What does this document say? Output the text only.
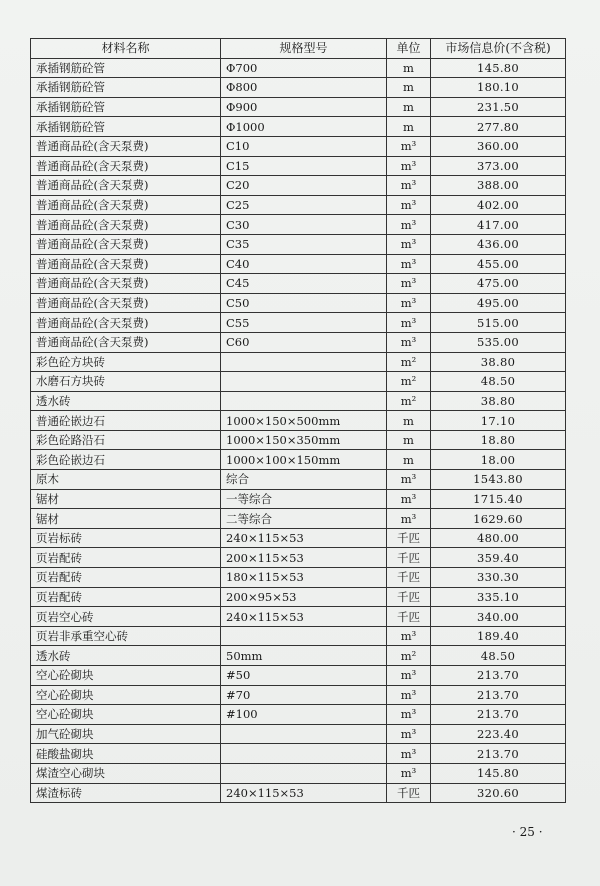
材料名称	规格型号	单位	市场信息价(不含税)
承插钢筋砼管	Φ700	m	145.80
承插钢筋砼管	Φ800	m	180.10
承插钢筋砼管	Φ900	m	231.50
承插钢筋砼管	Φ1000	m	277.80
普通商品砼(含天泵费)	C10	m³	360.00
普通商品砼(含天泵费)	C15	m³	373.00
普通商品砼(含天泵费)	C20	m³	388.00
普通商品砼(含天泵费)	C25	m³	402.00
普通商品砼(含天泵费)	C30	m³	417.00
普通商品砼(含天泵费)	C35	m³	436.00
普通商品砼(含天泵费)	C40	m³	455.00
普通商品砼(含天泵费)	C45	m³	475.00
普通商品砼(含天泵费)	C50	m³	495.00
普通商品砼(含天泵费)	C55	m³	515.00
普通商品砼(含天泵费)	C60	m³	535.00
彩色砼方块砖		m²	38.80
水磨石方块砖		m²	48.50
透水砖		m²	38.80
普通砼嵌边石	1000×150×500mm	m	17.10
彩色砼路沿石	1000×150×350mm	m	18.80
彩色砼嵌边石	1000×100×150mm	m	18.00
原木	综合	m³	1543.80
锯材	一等综合	m³	1715.40
锯材	二等综合	m³	1629.60
页岩标砖	240×115×53	千匹	480.00
页岩配砖	200×115×53	千匹	359.40
页岩配砖	180×115×53	千匹	330.30
页岩配砖	200×95×53	千匹	335.10
页岩空心砖	240×115×53	千匹	340.00
页岩非承重空心砖		m³	189.40
透水砖	50mm	m²	48.50
空心砼砌块	#50	m³	213.70
空心砼砌块	#70	m³	213.70
空心砼砌块	#100	m³	213.70
加气砼砌块		m³	223.40
硅酸盐砌块		m³	213.70
煤渣空心砌块		m³	145.80
煤渣标砖	240×115×53	千匹	320.60
· 25 ·
